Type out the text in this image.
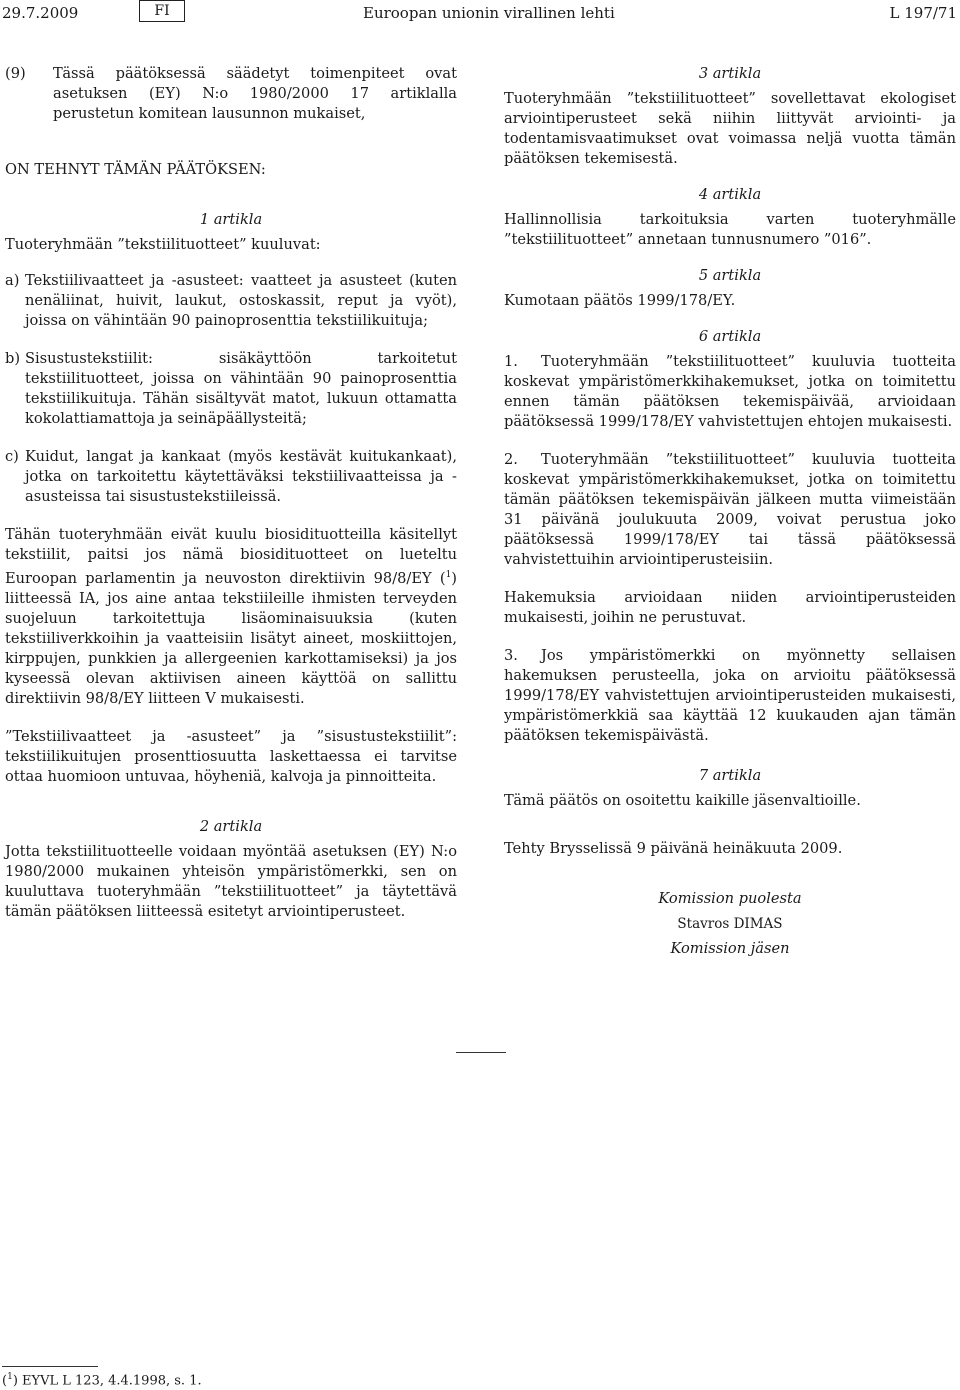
29.7.2009	FI	Euroopan unionin virallinen lehti	L 197/71
(9) Tässä päätöksessä säädetyt toimenpiteet ovat asetuksen (EY) N:o 1980/2000 17 artiklalla perustetun komitean lausunnon mukaiset,

ON TEHNYT TÄMÄN PÄÄTÖKSEN:

1 artikla

Tuoteryhmään ”tekstiilituotteet” kuuluvat:

a) Tekstiilivaatteet ja -asusteet: vaatteet ja asusteet (kuten nenäliinat, huivit, laukut, ostoskassit, reput ja vyöt), joissa on vähintään 90 painoprosenttia tekstiilikuituja;
b) Sisustustekstiilit: sisäkäyttöön tarkoitetut tekstiilituotteet, joissa on vähintään 90 painoprosenttia tekstiilikuituja. Tähän sisältyvät matot, lukuun ottamatta kokolattiamattoja ja seinäpäällysteitä;
c) Kuidut, langat ja kankaat (myös kestävät kuitukankaat), jotka on tarkoitettu käytettäväksi tekstiilivaatteissa ja -asusteissa tai sisustustekstiileissä.

Tähän tuoteryhmään eivät kuulu biosidituotteilla käsitellyt tekstiilit, paitsi jos nämä biosidituotteet on lueteltu Euroopan parlamentin ja neuvoston direktiivin 98/8/EY ($^1$) liitteessä IA, jos aine antaa tekstiileille ihmisten terveyden suojeluun tarkoitettuja lisäominaisuuksia (kuten tekstiiliverkkoihin ja vaatteisiin lisätyt aineet, moskiittojen, kirppujen, punkkien ja allergeenien karkottamiseksi) ja jos kyseessä olevan aktiivisen aineen käyttöä on sallittu direktiivin 98/8/EY liitteen V mukaisesti.

”Tekstiilivaatteet ja -asusteet” ja ”sisustustekstiilit”: tekstiilikuitujen prosenttiosuutta laskettaessa ei tarvitse ottaa huomioon untuvaa, höyheniä, kalvoja ja pinnoitteita.

2 artikla

Jotta tekstiilituotteelle voidaan myöntää asetuksen (EY) N:o 1980/2000 mukainen yhteisön ympäristömerkki, sen on kuuluttava tuoteryhmään ”tekstiilituotteet” ja täytettävä tämän päätöksen liitteessä esitetyt arviointiperusteet.

3 artikla

Tuoteryhmään ”tekstiilituotteet” sovellettavat ekologiset arviointiperusteet sekä niihin liittyvät arviointi- ja todentamisvaatimukset ovat voimassa neljä vuotta tämän päätöksen tekemisestä.

4 artikla

Hallinnollisia tarkoituksia varten tuoteryhmälle ”tekstiilituotteet” annetaan tunnusnumero ”016”.

5 artikla

Kumotaan päätös 1999/178/EY.

6 artikla

1. Tuoteryhmään ”tekstiilituotteet” kuuluvia tuotteita koskevat ympäristömerkkihakemukset, jotka on toimitettu ennen tämän päätöksen tekemispäivää, arvioidaan päätöksessä 1999/178/EY vahvistettujen ehtojen mukaisesti.

2. Tuoteryhmään ”tekstiilituotteet” kuuluvia tuotteita koskevat ympäristömerkkihakemukset, jotka on toimitettu tämän päätöksen tekemispäivän jälkeen mutta viimeistään 31 päivänä joulukuuta 2009, voivat perustua joko päätöksessä 1999/178/EY tai tässä päätöksessä vahvistettuihin arviointiperusteisiin.

Hakemuksia arvioidaan niiden arviointiperusteiden mukaisesti, joihin ne perustuvat.

3. Jos ympäristömerkki on myönnetty sellaisen hakemuksen perusteella, joka on arvioitu päätöksessä 1999/178/EY vahvistettujen arviointiperusteiden mukaisesti, ympäristömerkkiä saa käyttää 12 kuukauden ajan tämän päätöksen tekemispäivästä.

7 artikla

Tämä päätös on osoitettu kaikille jäsenvaltioille.

Tehty Brysselissä 9 päivänä heinäkuuta 2009.

Komission puolesta
Stavros DIMAS
Komission jäsen
($^1$) EYVL L 123, 4.4.1998, s. 1.
